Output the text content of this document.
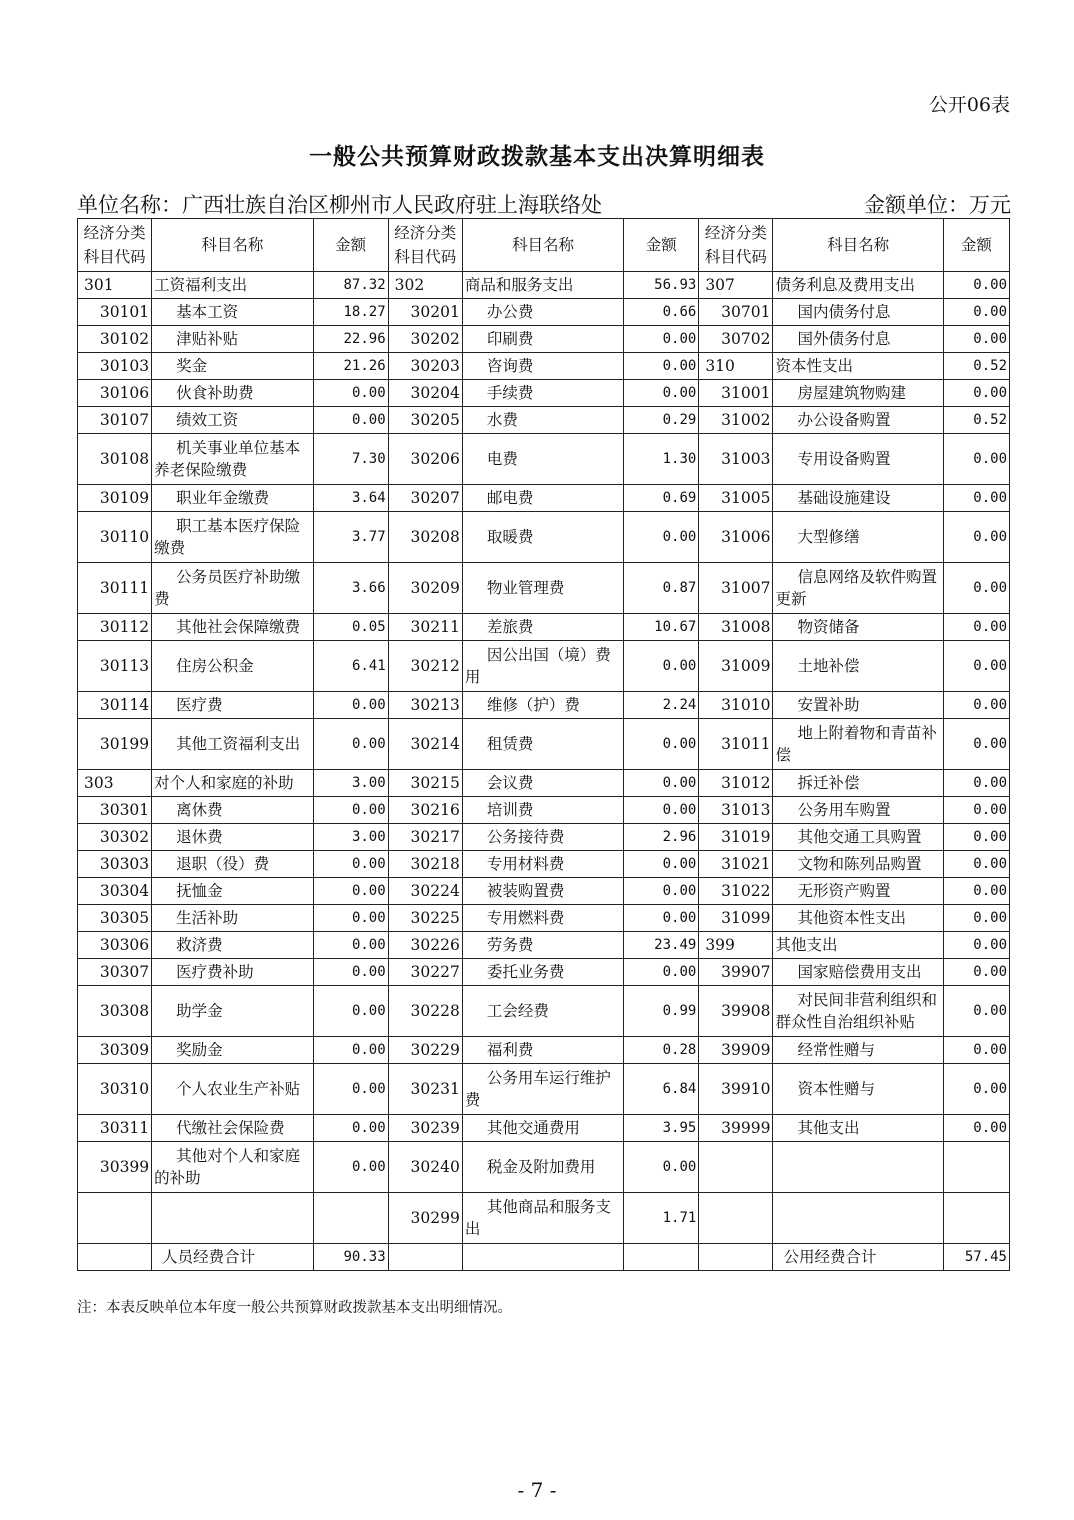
公开06表
一般公共预算财政拨款基本支出决算明细表
单位名称：广西壮族自治区柳州市人民政府驻上海联络处	金额单位：万元
经济分类科目代码	科目名称	金额	经济分类科目代码	科目名称	金额	经济分类科目代码	科目名称	金额
301	工资福利支出	87.32	302	商品和服务支出	56.93	307	债务利息及费用支出	0.00
30101	基本工资	18.27	30201	办公费	0.66	30701	国内债务付息	0.00
30102	津贴补贴	22.96	30202	印刷费	0.00	30702	国外债务付息	0.00
30103	奖金	21.26	30203	咨询费	0.00	310	资本性支出	0.52
30106	伙食补助费	0.00	30204	手续费	0.00	31001	房屋建筑物购建	0.00
30107	绩效工资	0.00	30205	水费	0.29	31002	办公设备购置	0.52
30108	机关事业单位基本养老保险缴费	7.30	30206	电费	1.30	31003	专用设备购置	0.00
30109	职业年金缴费	3.64	30207	邮电费	0.69	31005	基础设施建设	0.00
30110	职工基本医疗保险缴费	3.77	30208	取暖费	0.00	31006	大型修缮	0.00
30111	公务员医疗补助缴费	3.66	30209	物业管理费	0.87	31007	信息网络及软件购置更新	0.00
30112	其他社会保障缴费	0.05	30211	差旅费	10.67	31008	物资储备	0.00
30113	住房公积金	6.41	30212	因公出国（境）费用	0.00	31009	土地补偿	0.00
30114	医疗费	0.00	30213	维修（护）费	2.24	31010	安置补助	0.00
30199	其他工资福利支出	0.00	30214	租赁费	0.00	31011	地上附着物和青苗补偿	0.00
303	对个人和家庭的补助	3.00	30215	会议费	0.00	31012	拆迁补偿	0.00
30301	离休费	0.00	30216	培训费	0.00	31013	公务用车购置	0.00
30302	退休费	3.00	30217	公务接待费	2.96	31019	其他交通工具购置	0.00
30303	退职（役）费	0.00	30218	专用材料费	0.00	31021	文物和陈列品购置	0.00
30304	抚恤金	0.00	30224	被装购置费	0.00	31022	无形资产购置	0.00
30305	生活补助	0.00	30225	专用燃料费	0.00	31099	其他资本性支出	0.00
30306	救济费	0.00	30226	劳务费	23.49	399	其他支出	0.00
30307	医疗费补助	0.00	30227	委托业务费	0.00	39907	国家赔偿费用支出	0.00
30308	助学金	0.00	30228	工会经费	0.99	39908	对民间非营利组织和群众性自治组织补贴	0.00
30309	奖励金	0.00	30229	福利费	0.28	39909	经常性赠与	0.00
30310	个人农业生产补贴	0.00	30231	公务用车运行维护费	6.84	39910	资本性赠与	0.00
30311	代缴社会保险费	0.00	30239	其他交通费用	3.95	39999	其他支出	0.00
30399	其他对个人和家庭的补助	0.00	30240	税金及附加费用	0.00			
			30299	其他商品和服务支出	1.71			
	人员经费合计	90.33					公用经费合计	57.45
注：本表反映单位本年度一般公共预算财政拨款基本支出明细情况。
- 7 -
